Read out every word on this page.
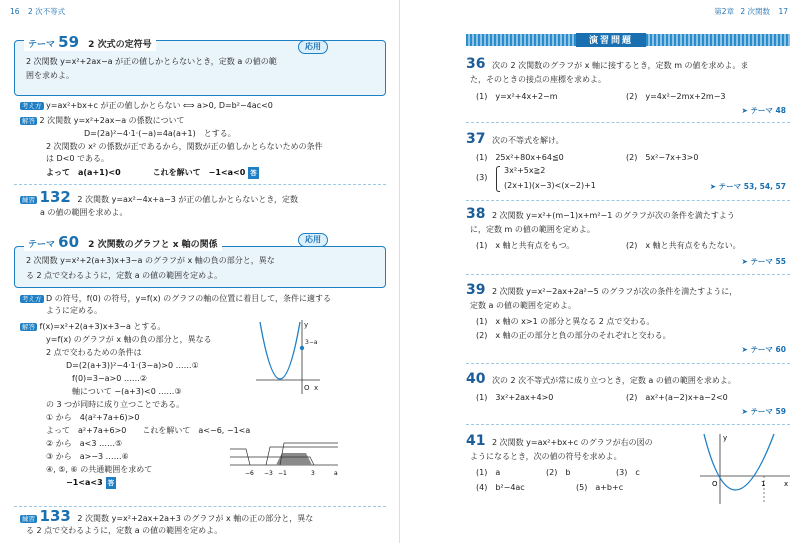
16 2 次不等式
テーマ 59 2 次式の定符号	応用
2 次関数 y=x²+2ax−a が正の値しかとらないとき，定数 a の値の範
囲を求めよ。
考え方 y=ax²+bx+c が正の値しかとらない ⟺ a>0, D=b²−4ac<0
解答 2 次関数 y=x²+2ax−a の係数について
D=(2a)²−4·1·(−a)=4a(a+1)　とする。
2 次関数の x² の係数が正であるから，関数が正の値しかとらないための条件
は D<0 である。
よって　a(a+1)<0　　　　これを解いて　−1<a<0 答
練習 132 2 次関数 y=ax²−4x+a−3 が正の値しかとらないとき，定数
a の値の範囲を求めよ。
テーマ 60 2 次関数のグラフと x 軸の関係
応用
2 次関数 y=x²+2(a+3)x+3−a のグラフが x 軸の負の部分と，異な
る 2 点で交わるように，定数 a の値の範囲を定めよ。
考え方 D の符号，f(0) の符号，y=f(x) のグラフの軸の位置に着目して，条件に適する
ように定める。
解答 f(x)=x²+2(a+3)x+3−a とする。
y=f(x) のグラフが x 軸の負の部分と，異なる
2 点で交わるための条件は
D=(2(a+3))²−4·1·(3−a)>0 ……①
f(0)=3−a>0 ……②
軸について −(a+3)<0 ……③
の 3 つが同時に成り立つことである。
① から　4(a²+7a+6)>0
よって　a²+7a+6>0　　これを解いて　a<−6, −1<a
② から　a<3 ……⑤
③ から　a>−3 ……⑥
④, ⑤, ⑥ の共通範囲を求めて
−1<a<3 答
y
x
O
3−a
−6 −3 −1	3	a
練習 133 2 次関数 y=x²+2ax+2a+3 のグラフが x 軸の正の部分と，異な
る 2 点で交わるように，定数 a の値の範囲を定めよ。
第2章 2 次関数 17
演習問題
36 次の 2 次関数のグラフが x 軸に接するとき，定数 m の値を求めよ。ま
た，そのときの接点の座標を求めよ。
(1)　y=x²+4x+2−m	(2)　y=4x²−2mx+2m−3
➤ テーマ 48
37 次の不等式を解け。
(1)　25x²+80x+64≦0	(2)　5x²−7x+3>0
(3)
3x²+5x≧2
(2x+1)(x−3)<(x−2)+1	➤ テーマ 53, 54, 57
38 2 次関数 y=x²+(m−1)x+m²−1 のグラフが次の条件を満たすよう
に，定数 m の値の範囲を定めよ。
(1)　x 軸と共有点をもつ。	(2)　x 軸と共有点をもたない。
➤ テーマ 55
39 2 次関数 y=x²−2ax+2a²−5 のグラフが次の条件を満たすように，
定数 a の値の範囲を定めよ。
(1)　x 軸の x>1 の部分と異なる 2 点で交わる。
(2)　x 軸の正の部分と負の部分のそれぞれと交わる。
➤ テーマ 60
40 次の 2 次不等式が常に成り立つとき，定数 a の値の範囲を求めよ。
(1)　3x²+2ax+4>0	(2)　ax²+(a−2)x+a−2<0
➤ テーマ 59
41 2 次関数 y=ax²+bx+c のグラフが右の図の
ようになるとき，次の値の符号を求めよ。
(1)　a	(2)　b	(3)　c
(4)　b²−4ac	(5)　a+b+c
y
x
O	1
